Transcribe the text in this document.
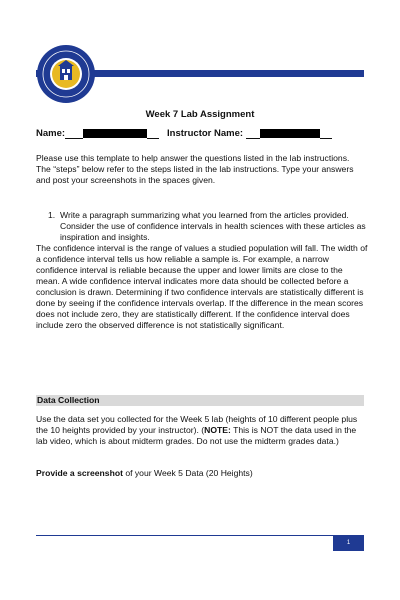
Week 7 Lab Assignment
Name:	Instructor Name:
Please use this template to help answer the questions listed in the lab instructions. The “steps” below refer to the steps listed in the lab instructions. Type your answers and post your screenshots in the spaces given.
1. Write a paragraph summarizing what you learned from the articles provided. Consider the use of confidence intervals in health sciences with these articles as inspiration and insights.
The confidence interval is the range of values a studied population will fall. The width of a confidence interval tells us how reliable a sample is. For example, a narrow confidence interval is reliable because the upper and lower limits are close to the mean. A wide confidence interval indicates more data should be collected before a conclusion is drawn. Determining if two confidence intervals are statistically different is done by seeing if the confidence intervals overlap. If the difference in the mean scores does not include zero, they are statistically different. If the confidence interval does include zero the observed difference is not statistically significant.
Data Collection
Use the data set you collected for the Week 5 lab (heights of 10 different people plus the 10 heights provided by your instructor). (NOTE: This is NOT the data used in the lab video, which is about midterm grades. Do not use the midterm grades data.)
Provide a screenshot of your Week 5 Data (20 Heights)
1
